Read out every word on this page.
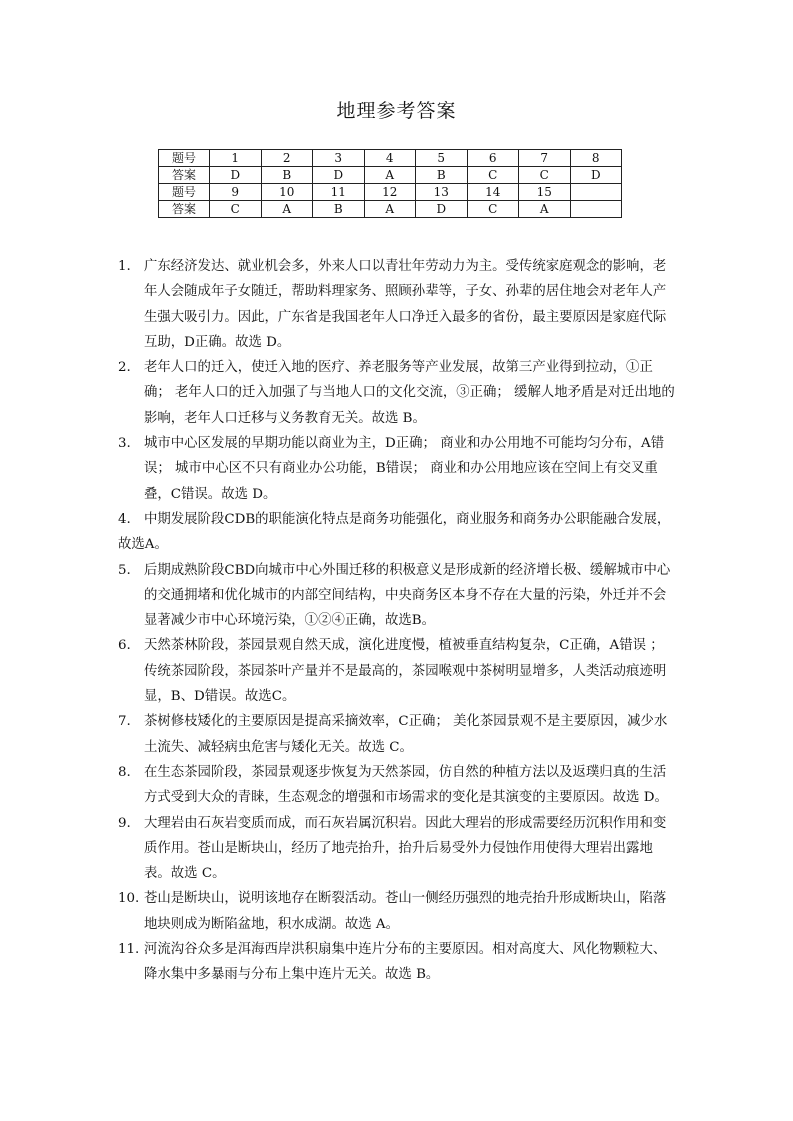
地理参考答案
题号	1	2	3	4	5	6	7	8
答案	D	B	D	A	B	C	C	D
题号	9	10	11	12	13	14	15	
答案	C	A	B	A	D	C	A	
1. 广东经济发达、就业机会多，外来人口以青壮年劳动力为主。受传统家庭观念的影响，老年人会随成年子女随迁，帮助料理家务、照顾孙辈等，子女、孙辈的居住地会对老年人产生强大吸引力。因此，广东省是我国老年人口净迁入最多的省份，最主要原因是家庭代际互助，D正确。故选 D。
2. 老年人口的迁入，使迁入地的医疗、养老服务等产业发展，故第三产业得到拉动，①正确； 老年人口的迁入加强了与当地人口的文化交流，③正确； 缓解人地矛盾是对迁出地的影响，老年人口迁移与义务教育无关。故选 B。
3. 城市中心区发展的早期功能以商业为主，D正确； 商业和办公用地不可能均匀分布，A错误； 城市中心区不只有商业办公功能，B错误； 商业和办公用地应该在空间上有交叉重叠，C错误。故选 D。
4. 中期发展阶段CDB的职能演化特点是商务功能强化，商业服务和商务办公职能融合发展，故选A。
5. 后期成熟阶段CBD向城市中心外围迁移的积极意义是形成新的经济增长极、缓解城市中心的交通拥堵和优化城市的内部空间结构，中央商务区本身不存在大量的污染，外迁并不会显著减少市中心环境污染，①②④正确，故选B。
6. 天然茶林阶段，茶园景观自然天成，演化进度慢，植被垂直结构复杂，C正确，A错误 ； 传统茶园阶段，茶园茶叶产量并不是最高的，茶园喉观中茶树明显增多，人类活动痕迹明显，B、D错误。故选C。
7. 茶树修枝矮化的主要原因是提高采摘效率，C正确； 美化茶园景观不是主要原因，减少水土流失、减轻病虫危害与矮化无关。故选 C。
8. 在生态茶园阶段，茶园景观逐步恢复为天然茶园，仿自然的种植方法以及返璞归真的生活方式受到大众的青睐，生态观念的增强和市场需求的变化是其演变的主要原因。故选 D。
9. 大理岩由石灰岩变质而成，而石灰岩属沉积岩。因此大理岩的形成需要经历沉积作用和变质作用。苍山是断块山，经历了地壳抬升，抬升后易受外力侵蚀作用使得大理岩出露地表。故选 C。
10. 苍山是断块山，说明该地存在断裂活动。苍山一侧经历强烈的地壳抬升形成断块山，陷落地块则成为断陷盆地，积水成湖。故选 A。
11. 河流沟谷众多是洱海西岸洪积扇集中连片分布的主要原因。相对高度大、风化物颗粒大、降水集中多暴雨与分布上集中连片无关。故选 B。
